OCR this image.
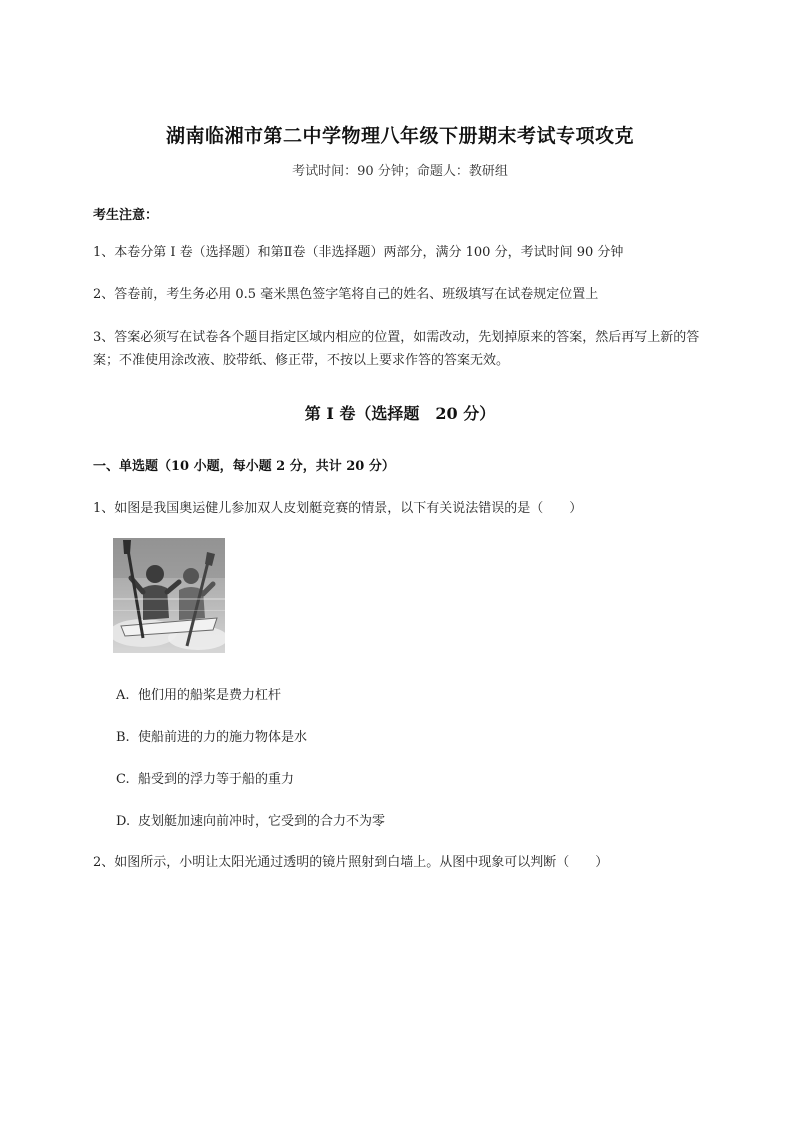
湖南临湘市第二中学物理八年级下册期末考试专项攻克
考试时间：90 分钟；命题人：教研组
考生注意：
1、本卷分第 I 卷（选择题）和第Ⅱ卷（非选择题）两部分，满分 100 分，考试时间 90 分钟
2、答卷前，考生务必用 0.5 毫米黑色签字笔将自己的姓名、班级填写在试卷规定位置上
3、答案必须写在试卷各个题目指定区域内相应的位置，如需改动，先划掉原来的答案，然后再写上新的答案；不准使用涂改液、胶带纸、修正带，不按以上要求作答的答案无效。
第 I 卷（选择题　20 分）
一、单选题（10 小题，每小题 2 分，共计 20 分）
1、如图是我国奥运健儿参加双人皮划艇竞赛的情景，以下有关说法错误的是（　　）
A. 他们用的船桨是费力杠杆
B. 使船前进的力的施力物体是水
C. 船受到的浮力等于船的重力
D. 皮划艇加速向前冲时，它受到的合力不为零
2、如图所示，小明让太阳光通过透明的镜片照射到白墙上。从图中现象可以判断（　　）
